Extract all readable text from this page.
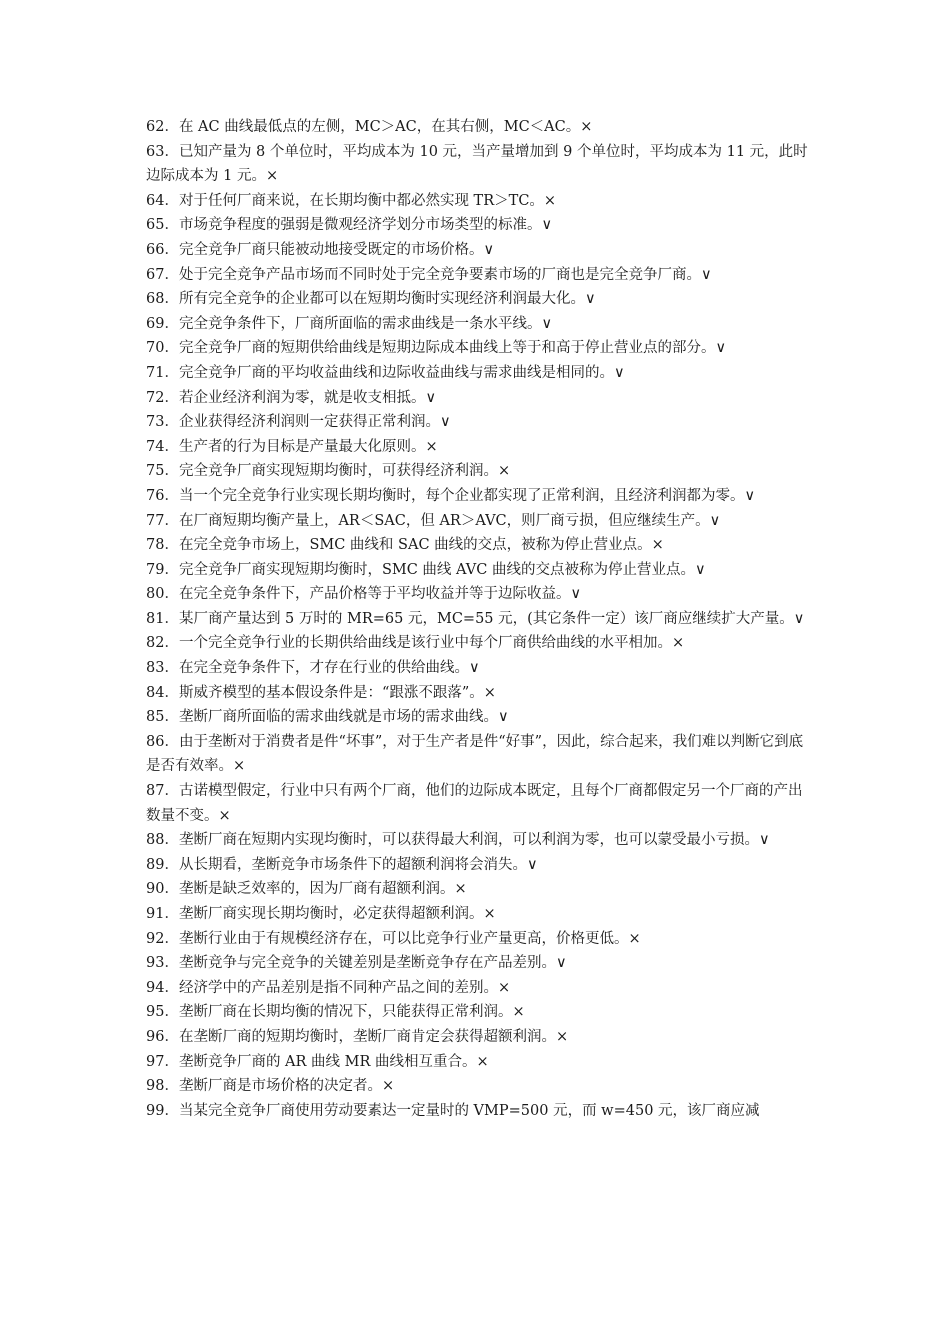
62．在 AC 曲线最低点的左侧，MC＞AC，在其右侧，MC＜AC。×

63．已知产量为 8 个单位时，平均成本为 10 元，当产量增加到 9 个单位时，平均成本为 11 元，此时边际成本为 1 元。×

64．对于任何厂商来说，在长期均衡中都必然实现 TR＞TC。×

65．市场竞争程度的强弱是微观经济学划分市场类型的标准。∨

66．完全竞争厂商只能被动地接受既定的市场价格。∨

67．处于完全竞争产品市场而不同时处于完全竞争要素市场的厂商也是完全竞争厂商。∨

68．所有完全竞争的企业都可以在短期均衡时实现经济利润最大化。∨

69．完全竞争条件下，厂商所面临的需求曲线是一条水平线。∨

70．完全竞争厂商的短期供给曲线是短期边际成本曲线上等于和高于停止营业点的部分。∨

71．完全竞争厂商的平均收益曲线和边际收益曲线与需求曲线是相同的。∨

72．若企业经济利润为零，就是收支相抵。∨

73．企业获得经济利润则一定获得正常利润。∨

74．生产者的行为目标是产量最大化原则。×

75．完全竞争厂商实现短期均衡时，可获得经济利润。×

76．当一个完全竞争行业实现长期均衡时，每个企业都实现了正常利润，且经济利润都为零。∨

77．在厂商短期均衡产量上，AR＜SAC，但 AR＞AVC，则厂商亏损，但应继续生产。∨

78．在完全竞争市场上，SMC 曲线和 SAC 曲线的交点，被称为停止营业点。×

79．完全竞争厂商实现短期均衡时，SMC 曲线 AVC 曲线的交点被称为停止营业点。∨

80．在完全竞争条件下，产品价格等于平均收益并等于边际收益。∨

81．某厂商产量达到 5 万时的 MR=65 元，MC=55 元，(其它条件一定）该厂商应继续扩大产量。∨

82．一个完全竞争行业的长期供给曲线是该行业中每个厂商供给曲线的水平相加。×

83．在完全竞争条件下，才存在行业的供给曲线。∨

84．斯威齐模型的基本假设条件是：“跟涨不跟落”。×

85．垄断厂商所面临的需求曲线就是市场的需求曲线。∨

86．由于垄断对于消费者是件“坏事”，对于生产者是件“好事”，因此，综合起来，我们难以判断它到底是否有效率。×

87．古诺模型假定，行业中只有两个厂商，他们的边际成本既定，且每个厂商都假定另一个厂商的产出数量不变。×

88．垄断厂商在短期内实现均衡时，可以获得最大利润，可以利润为零，也可以蒙受最小亏损。∨

89．从长期看，垄断竞争市场条件下的超额利润将会消失。∨

90．垄断是缺乏效率的，因为厂商有超额利润。×

91．垄断厂商实现长期均衡时，必定获得超额利润。×

92．垄断行业由于有规模经济存在，可以比竞争行业产量更高，价格更低。×

93．垄断竞争与完全竞争的关键差别是垄断竞争存在产品差别。∨

94．经济学中的产品差别是指不同种产品之间的差别。×

95．垄断厂商在长期均衡的情况下，只能获得正常利润。×

96．在垄断厂商的短期均衡时，垄断厂商肯定会获得超额利润。×

97．垄断竞争厂商的 AR 曲线 MR 曲线相互重合。×

98．垄断厂商是市场价格的决定者。×

99．当某完全竞争厂商使用劳动要素达一定量时的 VMP=500 元，而 w=450 元，该厂商应减
